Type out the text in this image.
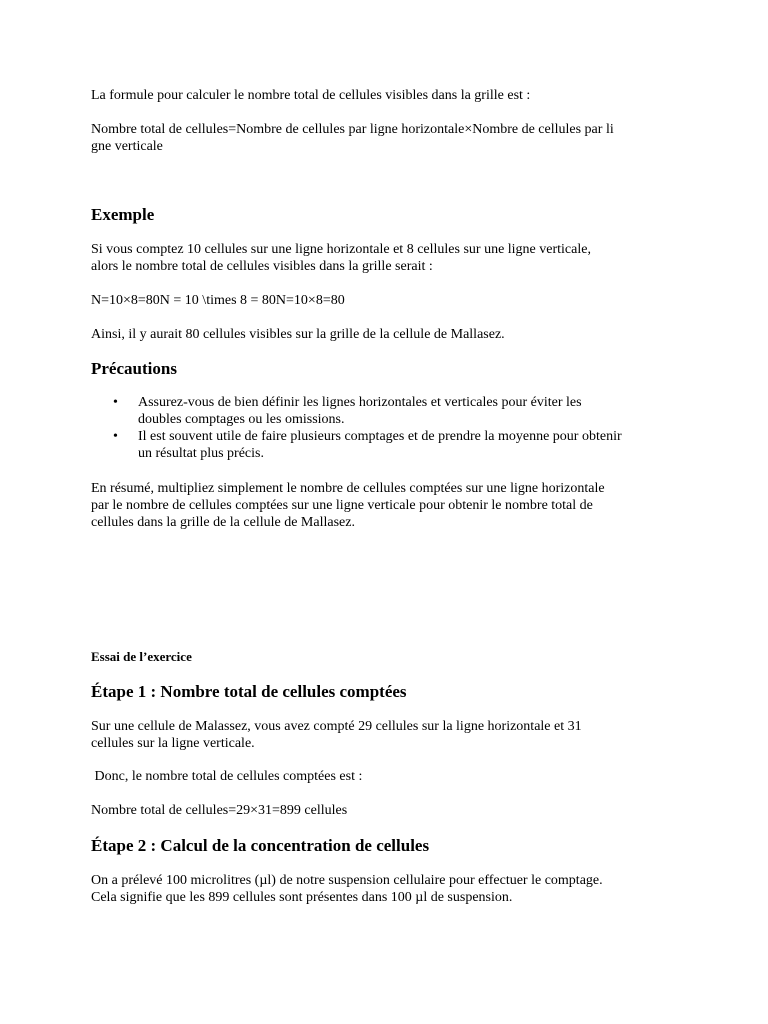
La formule pour calculer le nombre total de cellules visibles dans la grille est :

Nombre total de cellules=Nombre de cellules par ligne horizontale×Nombre de cellules par li

gne verticale

Exemple

Si vous comptez 10 cellules sur une ligne horizontale et 8 cellules sur une ligne verticale,

alors le nombre total de cellules visibles dans la grille serait :

N=10×8=80N = 10 \times 8 = 80N=10×8=80

Ainsi, il y aurait 80 cellules visibles sur la grille de la cellule de Mallasez.

Précautions
• Assurez-vous de bien définir les lignes horizontales et verticales pour éviter les
doubles comptages ou les omissions.
• Il est souvent utile de faire plusieurs comptages et de prendre la moyenne pour obtenir
un résultat plus précis.

En résumé, multipliez simplement le nombre de cellules comptées sur une ligne horizontale

par le nombre de cellules comptées sur une ligne verticale pour obtenir le nombre total de

cellules dans la grille de la cellule de Mallasez.

Essai de l’exercice
Étape 1 : Nombre total de cellules comptées

Sur une cellule de Malassez, vous avez compté 29 cellules sur la ligne horizontale et 31

cellules sur la ligne verticale.

Donc, le nombre total de cellules comptées est :

Nombre total de cellules=29×31=899 cellules

Étape 2 : Calcul de la concentration de cellules

On a prélevé 100 microlitres (µl) de notre suspension cellulaire pour effectuer le comptage.

Cela signifie que les 899 cellules sont présentes dans 100 µl de suspension.
